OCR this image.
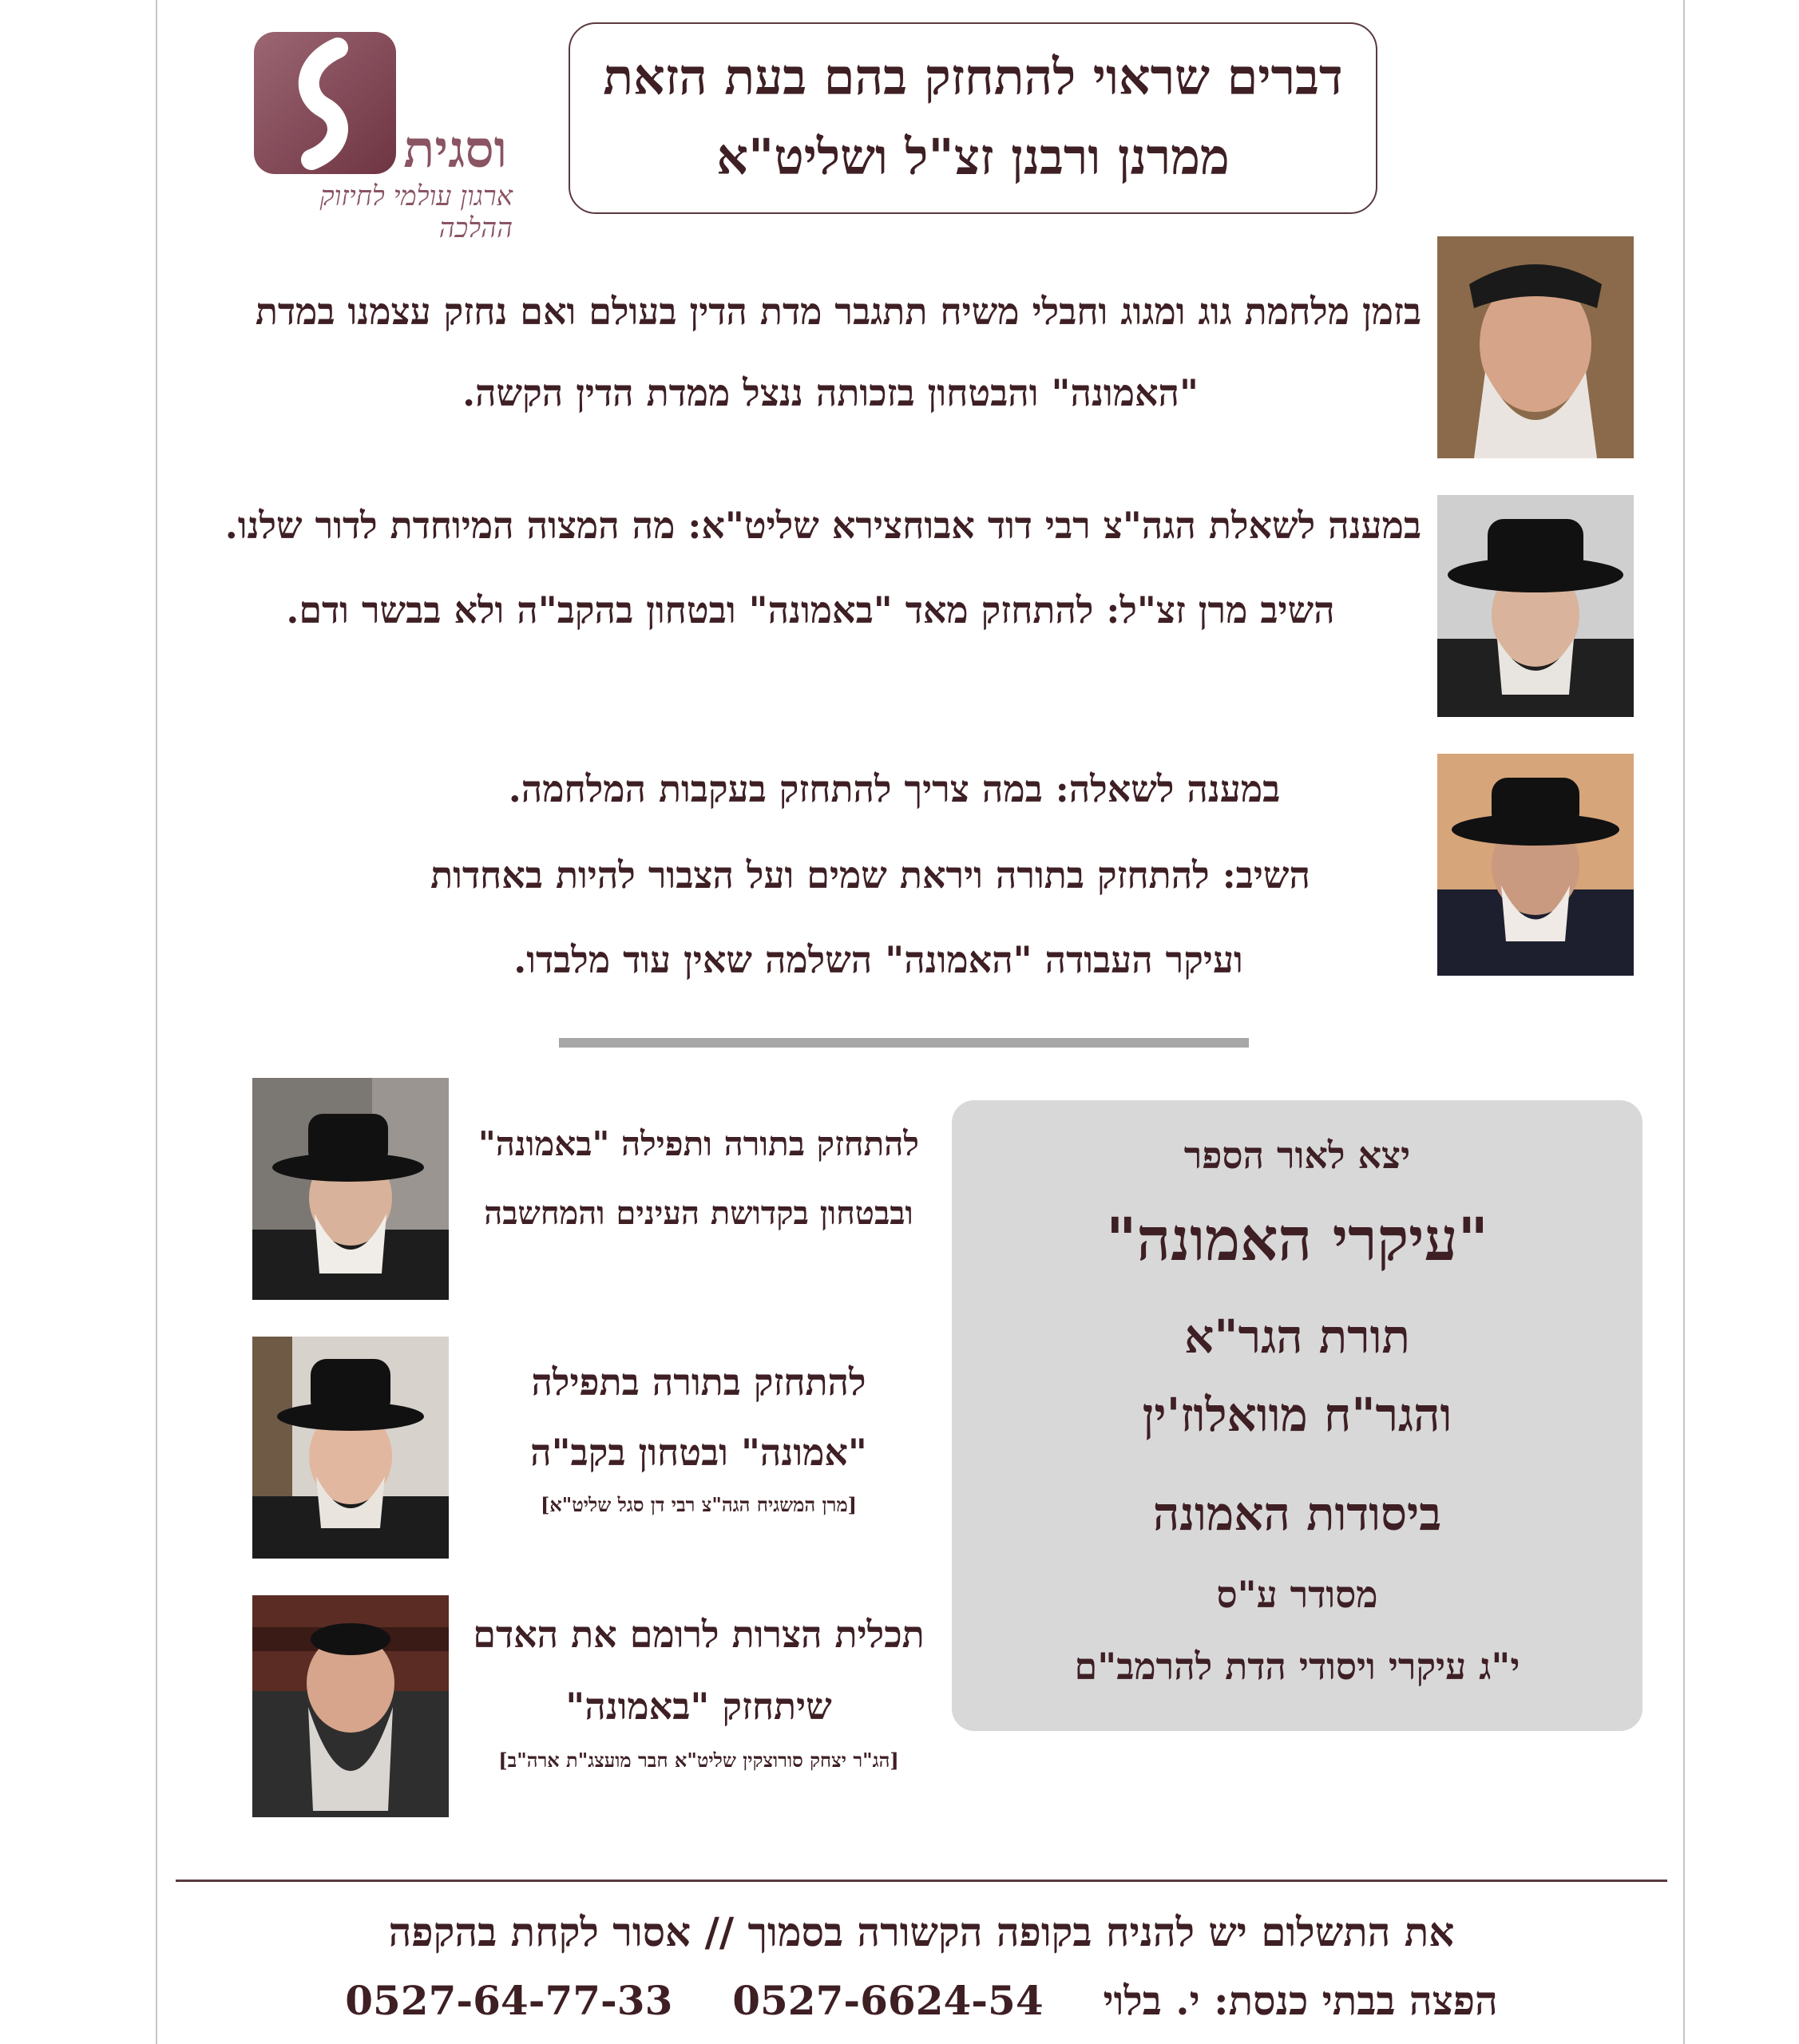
וסגית
ארגון עולמי לחיזוק ההלכה
דברים שראוי להתחזק בהם בעת הזאת
ממרנן ורבנן זצ"ל ושליט"א
בזמן מלחמת גוג ומגוג וחבלי משיח תתגבר מדת הדין בעולם ואם נחזק עצמנו במדת
"האמונה" והבטחון בזכותה ננצל ממדת הדין הקשה.
במענה לשאלת הגה"צ רבי דוד אבוחצירא שליט"א: מה המצוה המיוחדת לדור שלנו.
השיב מרן זצ"ל: להתחזק מאד "באמונה" ובטחון בהקב"ה ולא בבשר ודם.
במענה לשאלה: במה צריך להתחזק בעקבות המלחמה.
השיב: להתחזק בתורה ויראת שמים ועל הצבור להיות באחדות
ועיקר העבודה "האמונה" השלמה שאין עוד מלבדו.
להתחזק בתורה ותפילה "באמונה"
ובבטחון בקדושת העינים והמחשבה
להתחזק בתורה בתפילה
"אמונה" ובטחון בקב"ה
[מרן המשגיח הגה"צ רבי דן סגל שליט"א]
תכלית הצרות לרומם את האדם
שיתחזק "באמונה"
[הג"ר יצחק סורוצקין שליט"א חבר מועצג"ת ארה"ב]
יצא לאור הספר
"עיקרי האמונה"
תורת הגר"א
והגר"ח מוואלוז'ין
ביסודות האמונה
מסודר ע"ס
י"ג עיקרי ויסודי הדת להרמב"ם
את התשלום יש להניח בקופה הקשורה בסמוך // אסור לקחת בהקפה
הפצה בבתי כנסת: י. בלוי  0527-6624-54  0527-64-77-33
